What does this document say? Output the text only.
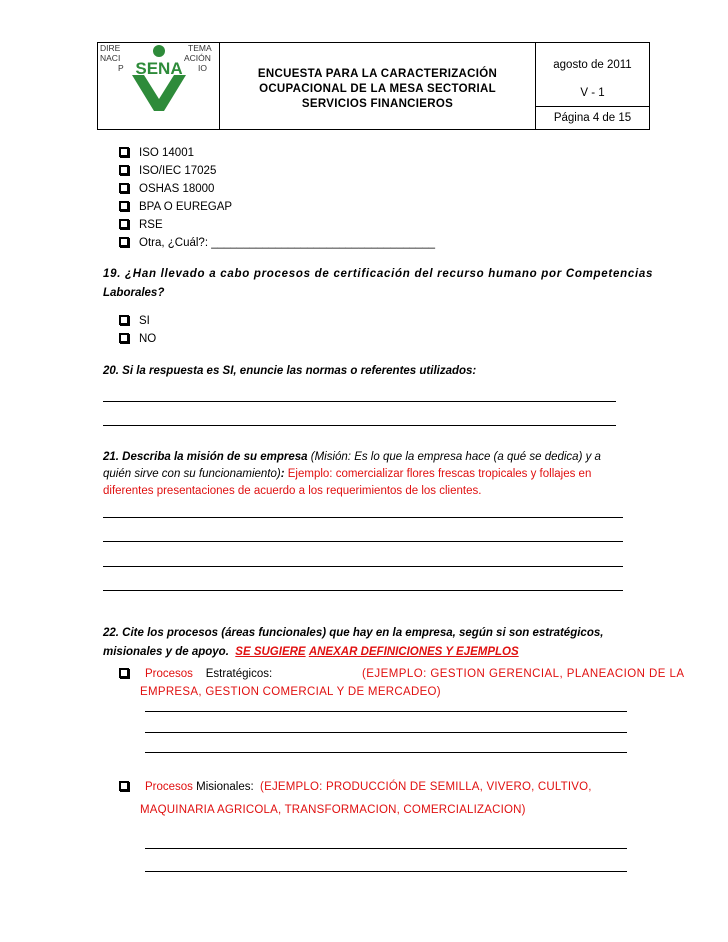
DIRE	TEMA
NACI	ACIÓN
P	IO
SENA	ENCUESTA PARA LA CARACTERIZACIÓN
OCUPACIONAL DE LA MESA SECTORIAL
SERVICIOS FINANCIEROS
agosto de 2011
V - 1
Página 4 de 15
ISO 14001
ISO/IEC 17025
OSHAS 18000
BPA O EUREGAP
RSE
Otra, ¿Cuál?: ___________________________________
19. ¿Han llevado a cabo procesos de certificación del recurso humano por Competencias
Laborales?
SI
NO
20. Si la respuesta es SI, enuncie las normas o referentes utilizados:
21. Describa la misión de su empresa (Misión: Es lo que la empresa hace (a qué se dedica) y a quién sirve con su funcionamiento): Ejemplo: comercializar flores frescas tropicales y follajes en diferentes presentaciones de acuerdo a los requerimientos de los clientes.
22. Cite los procesos (áreas funcionales) que hay en la empresa, según si son estratégicos, misionales y de apoyo. SE SUGIERE ANEXAR DEFINICIONES Y EJEMPLOS
Procesos Estratégicos:	(EJEMPLO: GESTION GERENCIAL, PLANEACION DE LA
EMPRESA, GESTION COMERCIAL Y DE MERCADEO)
Procesos Misionales: (EJEMPLO: PRODUCCIÓN DE SEMILLA, VIVERO, CULTIVO,
MAQUINARIA AGRICOLA, TRANSFORMACION, COMERCIALIZACION)
